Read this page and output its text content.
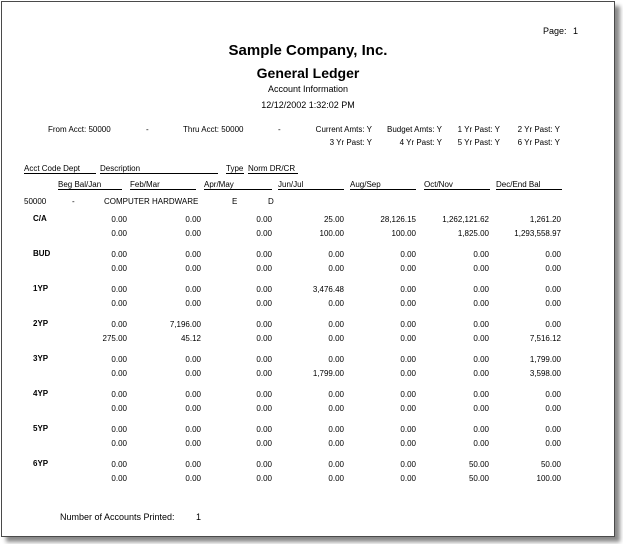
Page: 1
Sample Company, Inc.
General Ledger
Account Information
12/12/2002 1:32:02 PM
From Acct: 50000	-	Thru Acct: 50000	-	Current Amts: Y	Budget Amts: Y	1 Yr Past: Y	2 Yr Past: Y
3 Yr Past: Y	4 Yr Past: Y	5 Yr Past: Y	6 Yr Past: Y
Acct Code Dept	Description	Type Norm DR/CR
Beg Bal/Jan	Feb/Mar	Apr/May	Jun/Jul	Aug/Sep	Oct/Nov	Dec/End Bal
50000	-	COMPUTER HARDWARE	E	D
C/A	0.00	0.00	0.00	25.00	28,126.15	1,262,121.62	1,261.20
0.00	0.00	0.00	100.00	100.00	1,825.00	1,293,558.97
BUD	0.00	0.00	0.00	0.00	0.00	0.00	0.00
0.00	0.00	0.00	0.00	0.00	0.00	0.00
1YP	0.00	0.00	0.00	3,476.48	0.00	0.00	0.00
0.00	0.00	0.00	0.00	0.00	0.00	0.00
2YP	0.00	7,196.00	0.00	0.00	0.00	0.00	0.00
275.00	45.12	0.00	0.00	0.00	0.00	7,516.12
3YP	0.00	0.00	0.00	0.00	0.00	0.00	1,799.00
0.00	0.00	0.00	1,799.00	0.00	0.00	3,598.00
4YP	0.00	0.00	0.00	0.00	0.00	0.00	0.00
0.00	0.00	0.00	0.00	0.00	0.00	0.00
5YP	0.00	0.00	0.00	0.00	0.00	0.00	0.00
0.00	0.00	0.00	0.00	0.00	0.00	0.00
6YP	0.00	0.00	0.00	0.00	0.00	50.00	50.00
0.00	0.00	0.00	0.00	0.00	50.00	100.00
Number of Accounts Printed: 1
